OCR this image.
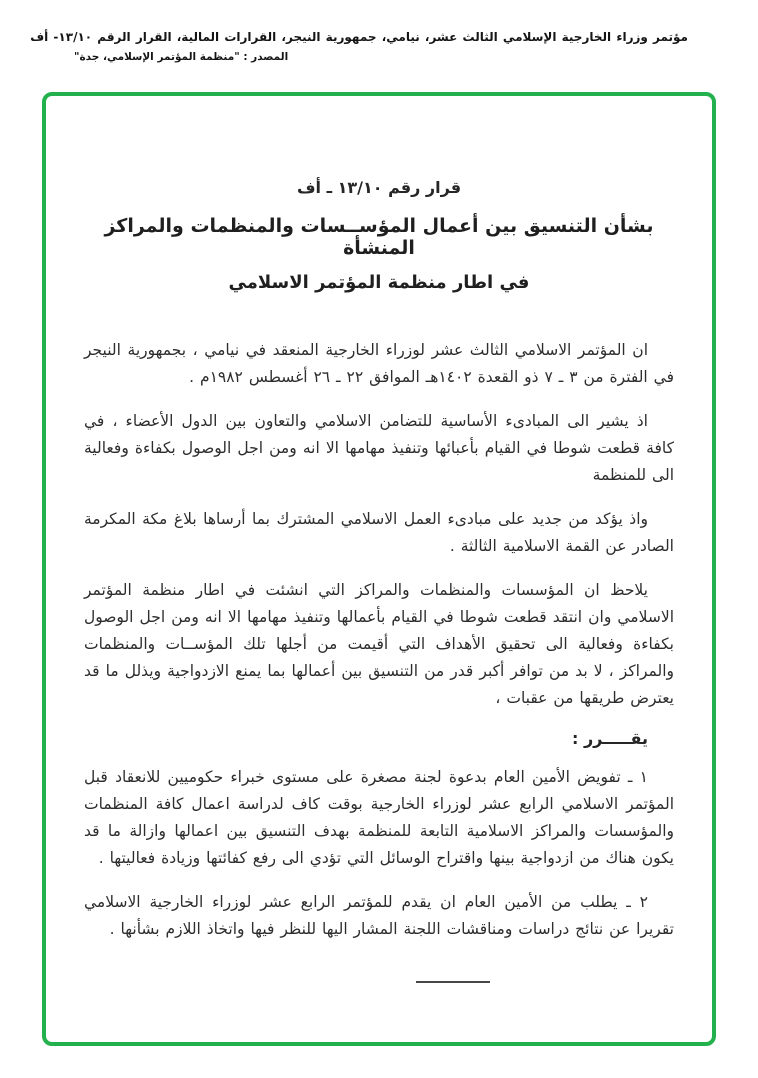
مؤتمر وزراء الخارجية الإسلامي الثالث عشر، نيامي، جمهورية النيجر، القرارات المالية، القرار الرقم ١٣/١٠- أف
المصدر : "منظمة المؤتمر الإسلامي، جدة"
قرار رقم ١٣/١٠ ـ أف
بشأن التنسيق بين أعمال المؤســسات والمنظمات والمراكز المنشأة
في اطار منظمة المؤتمر الاسلامي

ان المؤتمر الاسلامي الثالث عشر لوزراء الخارجية المنعقد في نيامي ، بجمهورية النيجر في الفترة من ٣ ـ ٧ ذو القعدة ١٤٠٢هـ الموافق ٢٢ ـ ٢٦ أغسطس ١٩٨٢م .

اذ يشير الى المبادىء الأساسية للتضامن الاسلامي والتعاون بين الدول الأعضاء ، في كافة قطعت شوطا في القيام بأعبائها وتنفيذ مهامها الا انه ومن اجل الوصول بكفاءة وفعالية الى للمنظمة

واذ يؤكد من جديد على مبادىء العمل الاسلامي المشترك بما أرساها بلاغ مكة المكرمة الصادر عن القمة الاسلامية الثالثة .

يلاحظ ان المؤسسات والمنظمات والمراكز التي انشئت في اطار منظمة المؤتمر الاسلامي وان انتقد قطعت شوطا في القيام بأعمالها وتنفيذ مهامها الا انه ومن اجل الوصول بكفاءة وفعالية الى تحقيق الأهداف التي أقيمت من أجلها تلك المؤســات والمنظمات والمراكز ، لا بد من توافر أكبر قدر من التنسيق بين أعمالها بما يمنع الازدواجية ويذلل ما قد يعترض طريقها من عقبات ،

يقـــــرر :

١ ـ تفويض الأمين العام بدعوة لجنة مصغرة على مستوى خبراء حكوميين للانعقاد قبل المؤتمر الاسلامي الرابع عشر لوزراء الخارجية بوقت كاف لدراسة اعمال كافة المنظمات والمؤسسات والمراكز الاسلامية التابعة للمنظمة بهدف التنسيق بين اعمالها وازالة ما قد يكون هناك من ازدواجية بينها واقتراح الوسائل التي تؤدي الى رفع كفائتها وزيادة فعاليتها .

٢ ـ يطلب من الأمين العام ان يقدم للمؤتمر الرابع عشر لوزراء الخارجية الاسلامي تقريرا عن نتائج دراسات ومناقشات اللجنة المشار اليها للنظر فيها واتخاذ اللازم بشأنها .
